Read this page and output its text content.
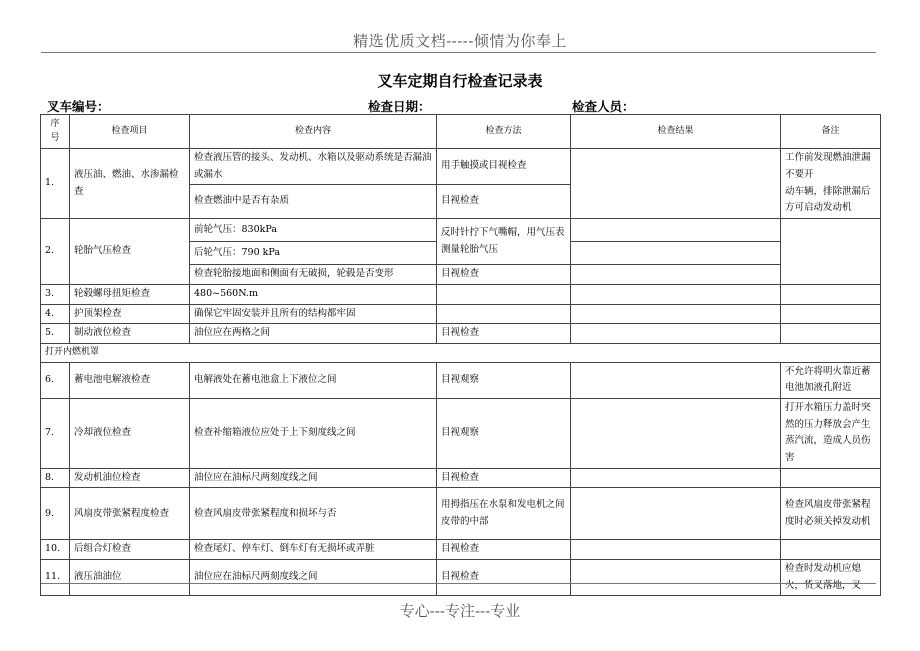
精选优质文档-----倾情为你奉上
叉车定期自行检查记录表
叉车编号：	检查日期：	检查人员：
序
号	检查项目	检查内容	检查方法	检查结果	备注
1.	液压油、燃油、水渗漏检查	检查液压管的接头、发动机、水箱以及驱动系统是否漏油或漏水	用手触摸或目视检查		工作前发现燃油泄漏不要开
动车辆，排除泄漏后方可启动发动机
		检查燃油中是否有杂质	目视检查		
2.	轮胎气压检查	前轮气压：830kPa	反时针拧下气嘴帽，用气压表测量轮胎气压		
		后轮气压：790 kPa			
		检查轮胎接地面和侧面有无破损，轮毂是否变形	目视检查		
3.	轮毂螺母扭矩检查	480~560N.m			
4.	护顶架检查	确保它牢固安装并且所有的结构都牢固			
5.	制动液位检查	油位应在两格之间	目视检查		
打开内燃机罩					
6.	蓄电池电解液检查	电解液处在蓄电池盒上下液位之间	目视观察		不允许将明火靠近蓄电池加液孔附近
7.	冷却液位检查	检查补缩箱液位应处于上下刻度线之间	目视观察		打开水箱压力盖时突然的压力释放会产生蒸汽流，造成人员伤害
8.	发动机油位检查	油位应在油标尺两刻度线之间	目视检查		
9.	风扇皮带张紧程度检查	检查风扇皮带张紧程度和损坏与否	用拇指压在水泵和发电机之间皮带的中部		检查风扇皮带张紧程度时必须关掉发动机
10.	后组合灯检查	检查尾灯、停车灯、倒车灯有无损坏或弄脏	目视检查		
11.	液压油油位	油位应在油标尺两刻度线之间	目视检查		检查时发动机应熄火，货叉落地，叉
专心---专注---专业
